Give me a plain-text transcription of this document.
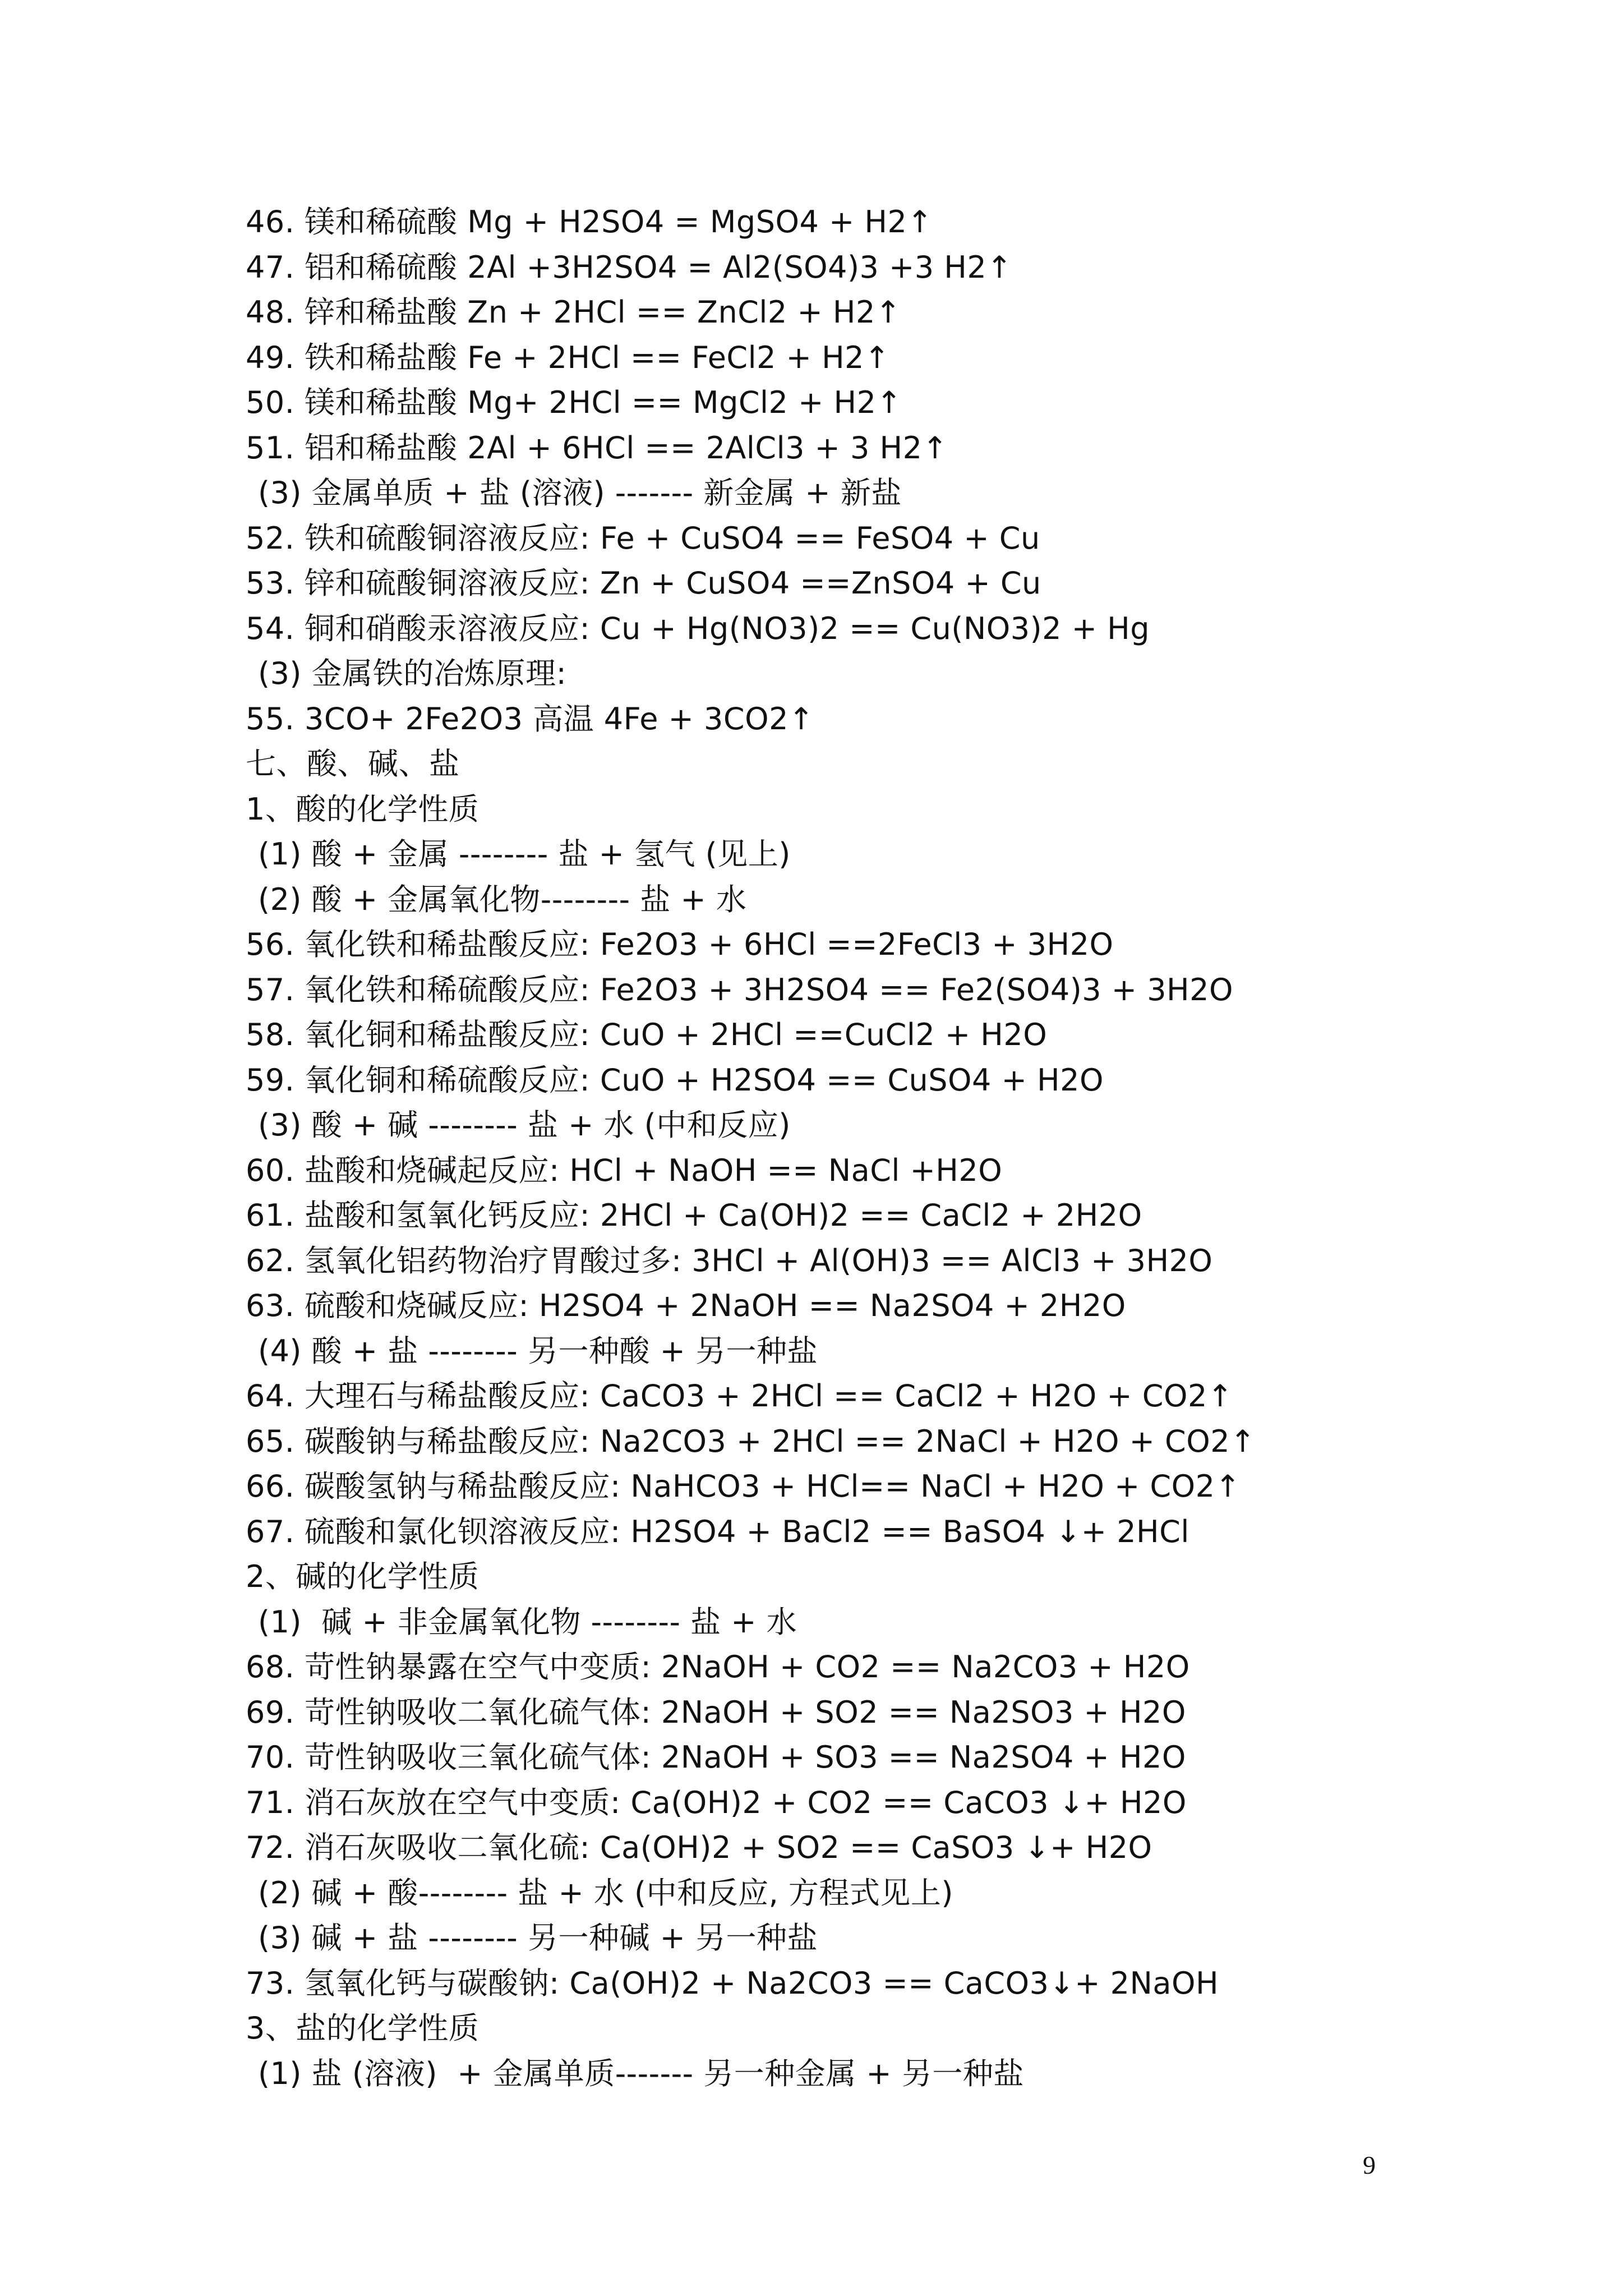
46. 镁和稀硫酸 Mg + H2SO4 = MgSO4 + H2↑
47. 铝和稀硫酸 2Al +3H2SO4 = Al2(SO4)3 +3 H2↑
48. 锌和稀盐酸 Zn + 2HCl == ZnCl2 + H2↑
49. 铁和稀盐酸 Fe + 2HCl == FeCl2 + H2↑
50. 镁和稀盐酸 Mg+ 2HCl == MgCl2 + H2↑
51. 铝和稀盐酸 2Al + 6HCl == 2AlCl3 + 3 H2↑
(3) 金属单质 + 盐 (溶液) ------- 新金属 + 新盐
52. 铁和硫酸铜溶液反应: Fe + CuSO4 == FeSO4 + Cu
53. 锌和硫酸铜溶液反应: Zn + CuSO4 ==ZnSO4 + Cu
54. 铜和硝酸汞溶液反应: Cu + Hg(NO3)2 == Cu(NO3)2 + Hg
(3) 金属铁的冶炼原理:
55. 3CO+ 2Fe2O3 高温 4Fe + 3CO2↑
七、酸、碱、盐
1、酸的化学性质
(1) 酸 + 金属 -------- 盐 + 氢气 (见上)
(2) 酸 + 金属氧化物-------- 盐 + 水
56. 氧化铁和稀盐酸反应: Fe2O3 + 6HCl ==2FeCl3 + 3H2O
57. 氧化铁和稀硫酸反应: Fe2O3 + 3H2SO4 == Fe2(SO4)3 + 3H2O
58. 氧化铜和稀盐酸反应: CuO + 2HCl ==CuCl2 + H2O
59. 氧化铜和稀硫酸反应: CuO + H2SO4 == CuSO4 + H2O
(3) 酸 + 碱 -------- 盐 + 水 (中和反应)
60. 盐酸和烧碱起反应: HCl + NaOH == NaCl +H2O
61. 盐酸和氢氧化钙反应: 2HCl + Ca(OH)2 == CaCl2 + 2H2O
62. 氢氧化铝药物治疗胃酸过多: 3HCl + Al(OH)3 == AlCl3 + 3H2O
63. 硫酸和烧碱反应: H2SO4 + 2NaOH == Na2SO4 + 2H2O
(4) 酸 + 盐 -------- 另一种酸 + 另一种盐
64. 大理石与稀盐酸反应: CaCO3 + 2HCl == CaCl2 + H2O + CO2↑
65. 碳酸钠与稀盐酸反应: Na2CO3 + 2HCl == 2NaCl + H2O + CO2↑
66. 碳酸氢钠与稀盐酸反应: NaHCO3 + HCl== NaCl + H2O + CO2↑
67. 硫酸和氯化钡溶液反应: H2SO4 + BaCl2 == BaSO4 ↓+ 2HCl
2、碱的化学性质
(1)  碱 + 非金属氧化物 -------- 盐 + 水
68. 苛性钠暴露在空气中变质: 2NaOH + CO2 == Na2CO3 + H2O
69. 苛性钠吸收二氧化硫气体: 2NaOH + SO2 == Na2SO3 + H2O
70. 苛性钠吸收三氧化硫气体: 2NaOH + SO3 == Na2SO4 + H2O
71. 消石灰放在空气中变质: Ca(OH)2 + CO2 == CaCO3 ↓+ H2O
72. 消石灰吸收二氧化硫: Ca(OH)2 + SO2 == CaSO3 ↓+ H2O
(2) 碱 + 酸-------- 盐 + 水 (中和反应, 方程式见上)
(3) 碱 + 盐 -------- 另一种碱 + 另一种盐
73. 氢氧化钙与碳酸钠: Ca(OH)2 + Na2CO3 == CaCO3↓+ 2NaOH
3、盐的化学性质
(1) 盐 (溶液)  + 金属单质------- 另一种金属 + 另一种盐
9
